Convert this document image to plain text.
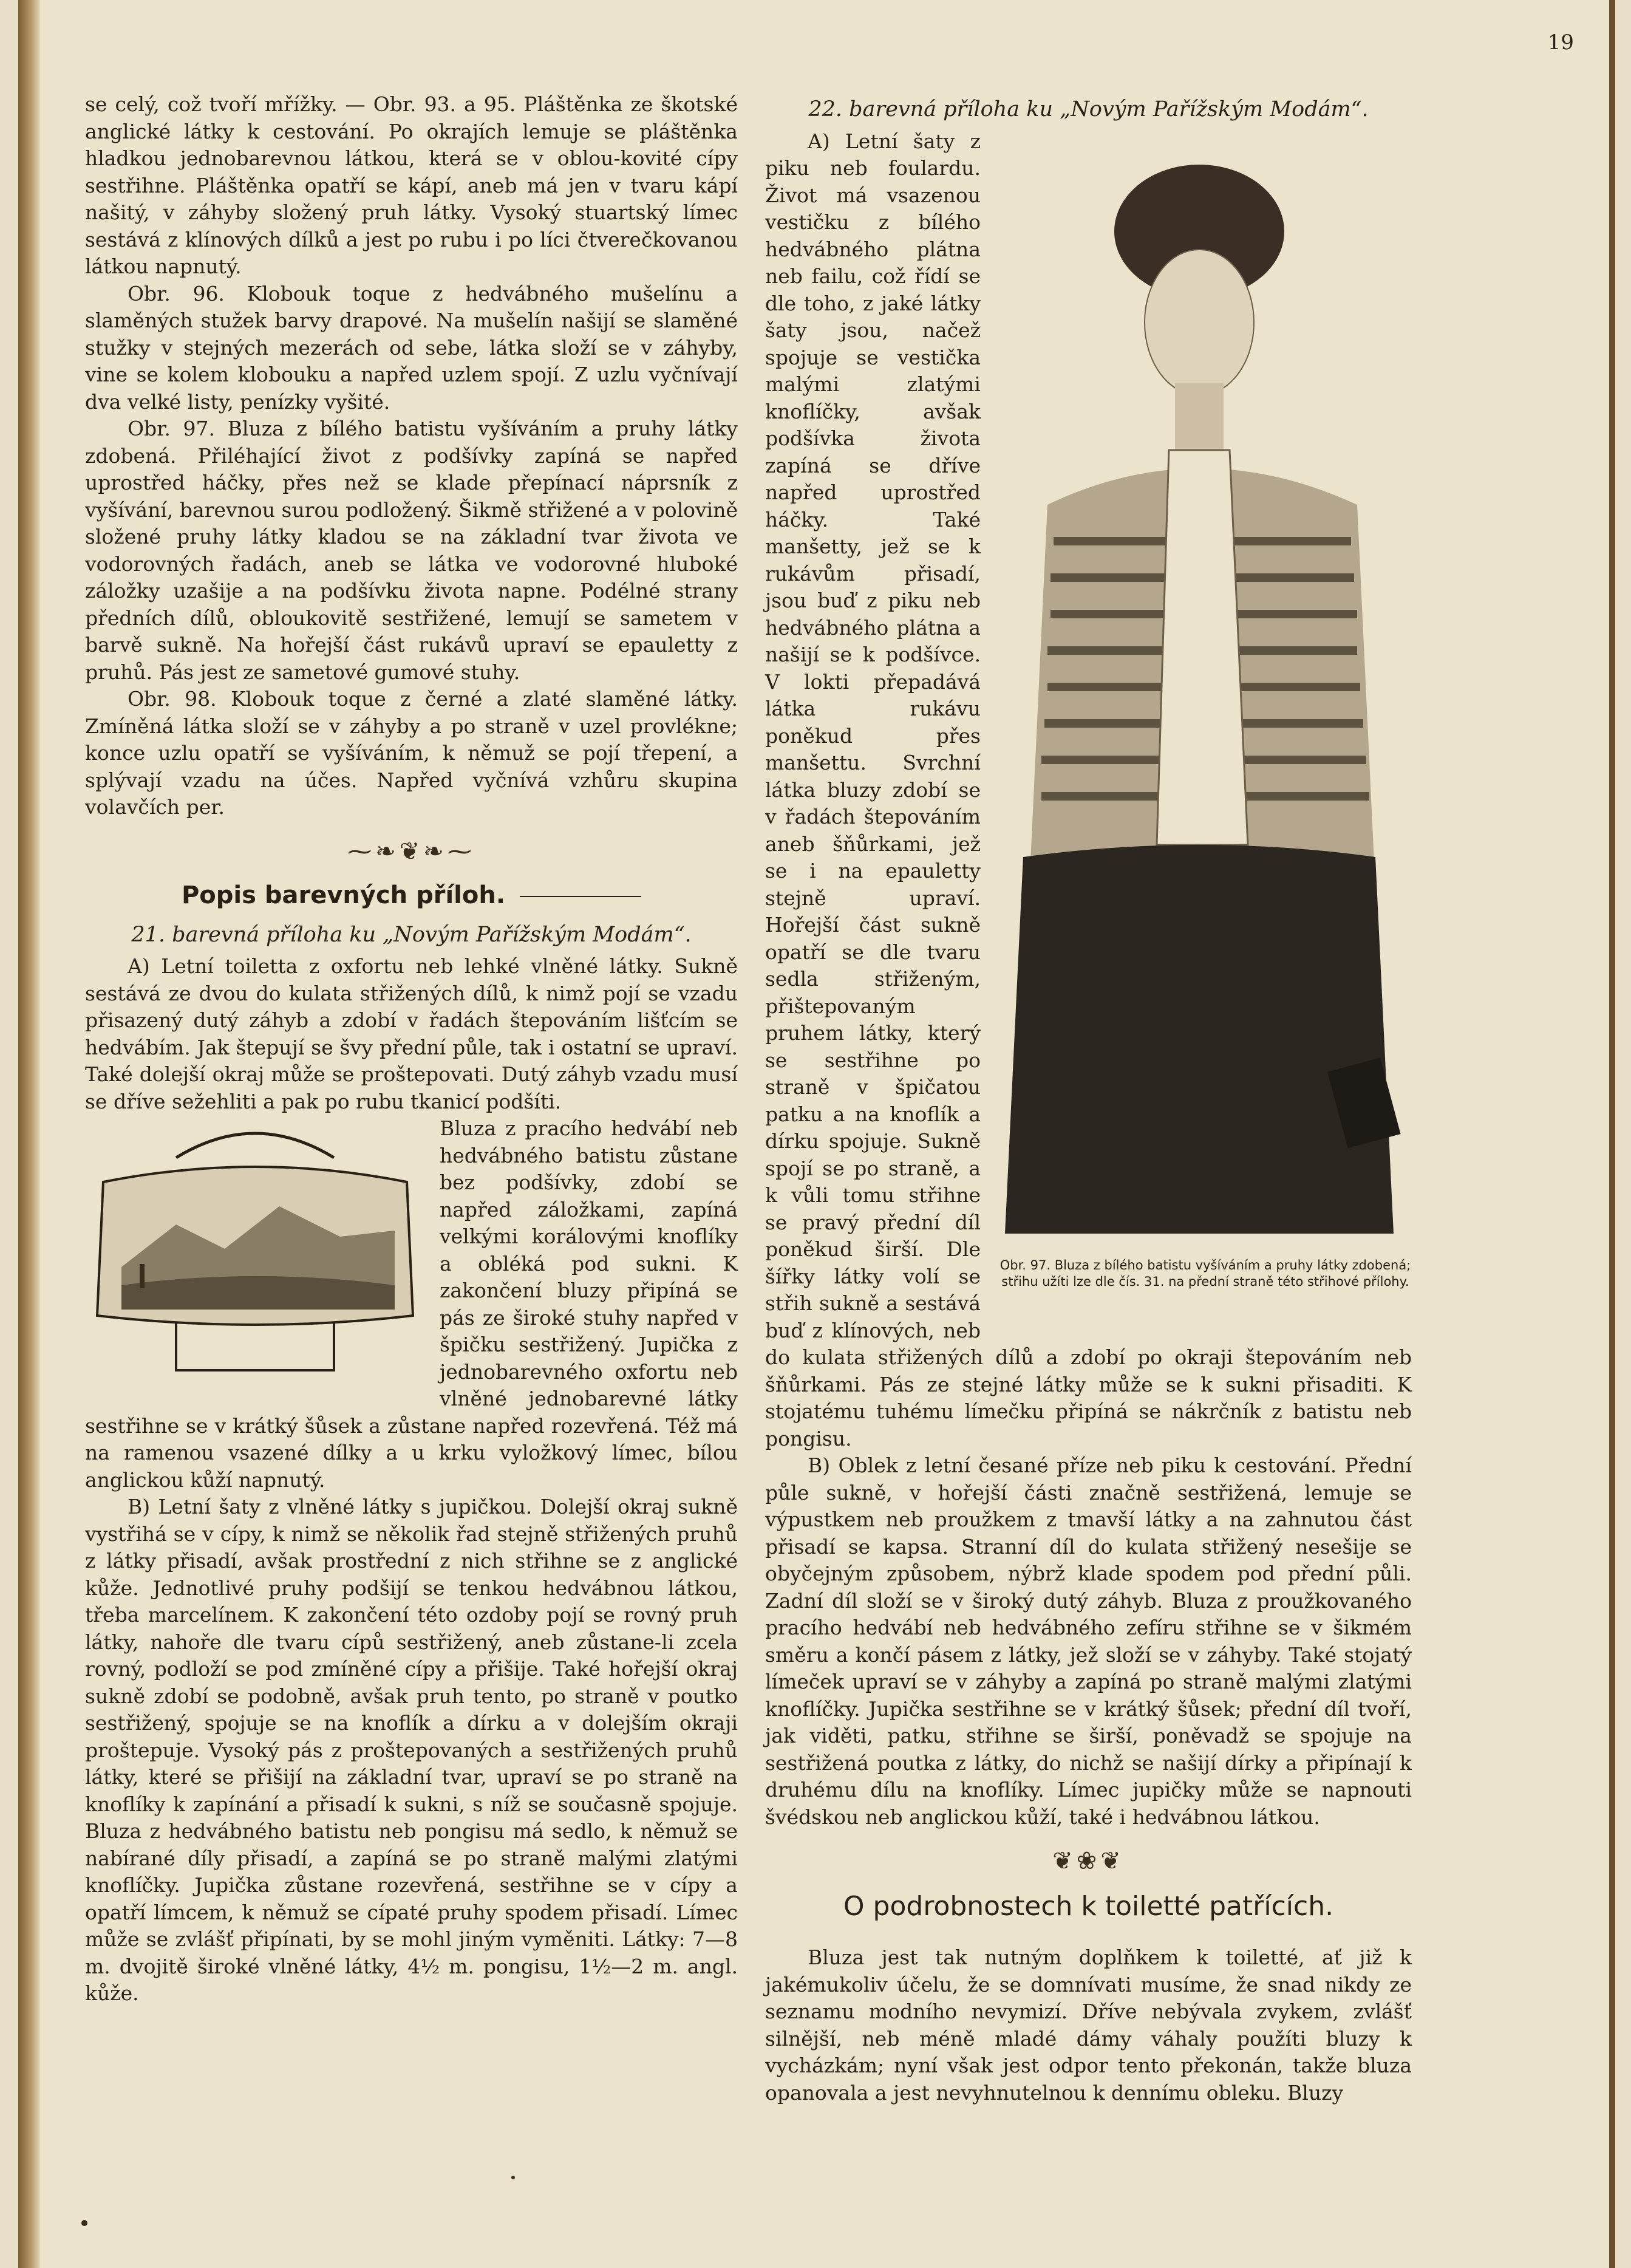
19

se celý, což tvoří mřížky. — Obr. 93. a 95. Pláštěnka ze škotské anglické látky k cestování. Po okrajích lemuje se pláštěnka hladkou jednobarevnou látkou, která se v oblou-kovité cípy sestřihne. Pláštěnka opatří se kápí, aneb má jen v tvaru kápí našitý, v záhyby složený pruh látky. Vysoký stuartský límec sestává z klínových dílků a jest po rubu i po líci čtverečkovanou látkou napnutý.

Obr. 96. Klobouk toque z hedvábného mušelínu a slaměných stužek barvy drapové. Na mušelín našijí se slaměné stužky v stejných mezerách od sebe, látka složí se v záhyby, vine se kolem klobouku a napřed uzlem spojí. Z uzlu vyčnívají dva velké listy, penízky vyšité.

Obr. 97. Bluza z bílého batistu vyšíváním a pruhy látky zdobená. Přiléhající život z podšívky zapíná se napřed uprostřed háčky, přes než se klade přepínací náprsník z vyšívání, barevnou surou podložený. Šikmě střižené a v polovině složené pruhy látky kladou se na základní tvar života ve vodorovných řadách, aneb se látka ve vodorovné hluboké záložky uzašije a na podšívku života napne. Podélné strany předních dílů, obloukovitě sestřižené, lemují se sametem v barvě sukně. Na hořejší část rukávů upraví se epauletty z pruhů. Pás jest ze sametové gumové stuhy.

Obr. 98. Klobouk toque z černé a zlaté slaměné látky. Zmíněná látka složí se v záhyby a po straně v uzel provlékne; konce uzlu opatří se vyšíváním, k němuž se pojí třepení, a splývají vzadu na účes. Napřed vyčnívá vzhůru skupina volavčích per.

⁓❧❦❧⁓
Popis barevných příloh.
21. barevná příloha ku „Novým Pařížským Modám“.

A) Letní toiletta z oxfortu neb lehké vlněné látky. Sukně sestává ze dvou do kulata střižených dílů, k nimž pojí se vzadu přisazený dutý záhyb a zdobí v řadách štepováním lišťcím se hedvábím. Jak štepují se švy přední půle, tak i ostatní se upraví. Také dolejší okraj může se proštepovati. Dutý záhyb vzadu musí se dříve sežehliti a pak po rubu tkanicí podšíti.

Bluza z pracího hedvábí neb hedvábného batistu zůstane bez podšívky, zdobí se napřed záložkami, zapíná velkými korálovými knoflíky a obléká pod sukni. K zakončení bluzy připíná se pás ze široké stuhy napřed v špičku sestřižený. Jupička z jednobarevného oxfortu neb vlněné jednobarevné látky sestřihne se v krátký šůsek a zůstane napřed rozevřená. Též má na ramenou vsazené dílky a u krku vyložkový límec, bílou anglickou kůží napnutý.

B) Letní šaty z vlněné látky s jupičkou. Dolejší okraj sukně vystřihá se v cípy, k nimž se několik řad stejně střižených pruhů z látky přisadí, avšak prostřední z nich střihne se z anglické kůže. Jednotlivé pruhy podšijí se tenkou hedvábnou látkou, třeba marcelínem. K zakončení této ozdoby pojí se rovný pruh látky, nahoře dle tvaru cípů sestřižený, aneb zůstane-li zcela rovný, podloží se pod zmíněné cípy a přišije. Také hořejší okraj sukně zdobí se podobně, avšak pruh tento, po straně v poutko sestřižený, spojuje se na knoflík a dírku a v dolejším okraji proštepuje. Vysoký pás z proštepovaných a sestřižených pruhů látky, které se přišijí na základní tvar, upraví se po straně na knoflíky k zapínání a přisadí k sukni, s níž se současně spojuje. Bluza z hedvábného batistu neb pongisu má sedlo, k němuž se nabírané díly přisadí, a zapíná se po straně malými zlatými knoflíčky. Jupička zůstane rozevřená, sestřihne se v cípy a opatří límcem, k němuž se cípaté pruhy spodem přisadí. Límec může se zvlášť připínati, by se mohl jiným vyměniti. Látky: 7—8 m. dvojitě široké vlněné látky, 4½ m. pongisu, 1½—2 m. angl. kůže.

22. barevná příloha ku „Novým Pařížským Modám“.
Obr. 97. Bluza z bílého batistu vyšíváním a pruhy látky zdobená; střihu užíti lze dle čís. 31. na přední straně této střihové přílohy.

A) Letní šaty z piku neb foulardu. Život má vsazenou vestičku z bílého hedvábného plátna neb failu, což řídí se dle toho, z jaké látky šaty jsou, načež spojuje se vestička malými zlatými knoflíčky, avšak podšívka života zapíná se dříve napřed uprostřed háčky. Také manšetty, jež se k rukávům přisadí, jsou buď z piku neb hedvábného plátna a našijí se k podšívce. V lokti přepadává látka rukávu poněkud přes manšettu. Svrchní látka bluzy zdobí se v řadách štepováním aneb šňůrkami, jež se i na epauletty stejně upraví. Hořejší část sukně opatří se dle tvaru sedla střiženým, přištepovaným pruhem látky, který se sestřihne po straně v špičatou patku a na knoflík a dírku spojuje. Sukně spojí se po straně, a k vůli tomu střihne se pravý přední díl poněkud širší. Dle šířky látky volí se střih sukně a sestává buď z klínových, neb do kulata střižených dílů a zdobí po okraji štepováním neb šňůrkami. Pás ze stejné látky může se k sukni přisaditi. K stojatému tuhému límečku připíná se nákrčník z batistu neb pongisu.

B) Oblek z letní česané příze neb piku k cestování. Přední půle sukně, v hořejší části značně sestřižená, lemuje se výpustkem neb proužkem z tmavší látky a na zahnutou část přisadí se kapsa. Stranní díl do kulata střižený nesešije se obyčejným způsobem, nýbrž klade spodem pod přední půli. Zadní díl složí se v široký dutý záhyb. Bluza z proužkovaného pracího hedvábí neb hedvábného zefíru střihne se v šikmém směru a končí pásem z látky, jež složí se v záhyby. Také stojatý límeček upraví se v záhyby a zapíná po straně malými zlatými knoflíčky. Jupička sestřihne se v krátký šůsek; přední díl tvoří, jak viděti, patku, střihne se širší, poněvadž se spojuje na sestřižená poutka z látky, do nichž se našijí dírky a připínají k druhému dílu na knoflíky. Límec jupičky může se napnouti švédskou neb anglickou kůží, také i hedvábnou látkou.

❦❀❦
O podrobnostech k toiletté patřících.

Bluza jest tak nutným doplňkem k toiletté, ať již k jakémukoliv účelu, že se domnívati musíme, že snad nikdy ze seznamu modního nevymizí. Dříve nebývala zvykem, zvlášť silnější, neb méně mladé dámy váhaly použíti bluzy k vycházkám; nyní však jest odpor tento překonán, takže bluza opanovala a jest nevyhnutelnou k dennímu obleku. Bluzy
